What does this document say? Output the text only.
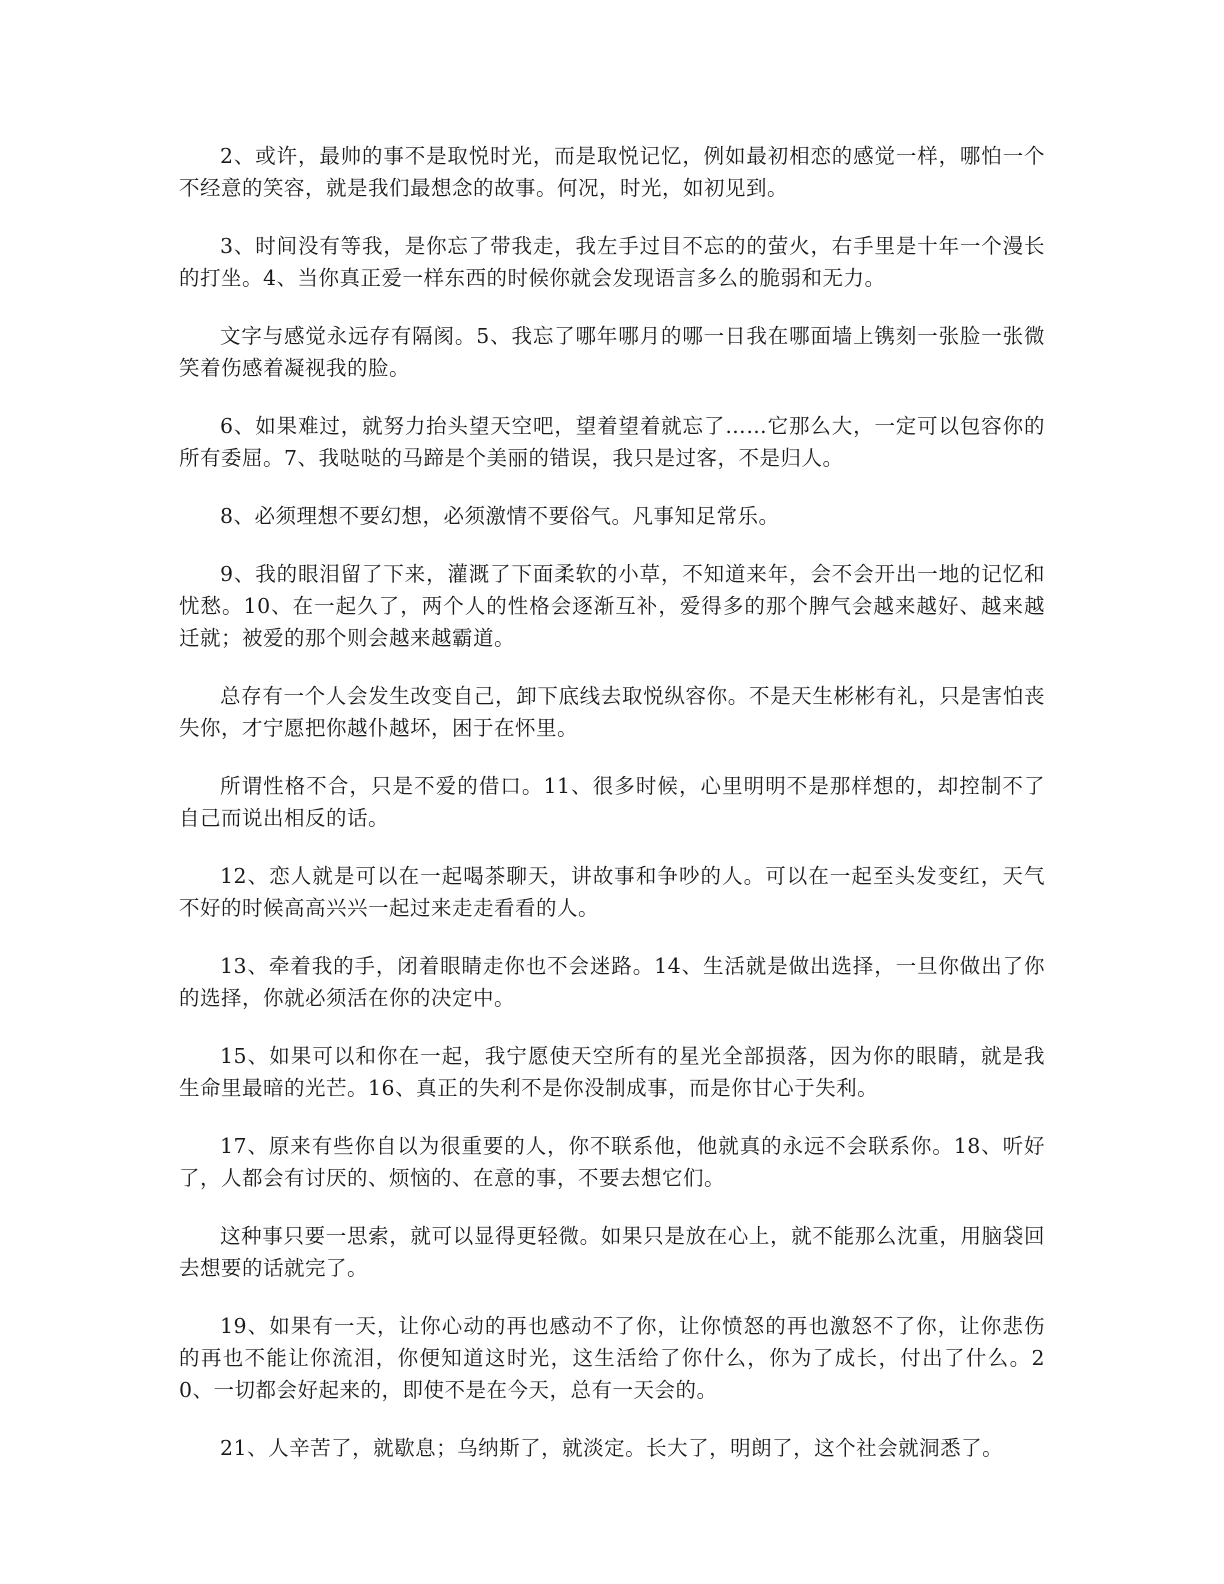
2、或许，最帅的事不是取悦时光，而是取悦记忆，例如最初相恋的感觉一样，哪怕一个不经意的笑容，就是我们最想念的故事。何况，时光，如初见到。

3、时间没有等我，是你忘了带我走，我左手过目不忘的的萤火，右手里是十年一个漫长的打坐。4、当你真正爱一样东西的时候你就会发现语言多么的脆弱和无力。

文字与感觉永远存有隔阂。5、我忘了哪年哪月的哪一日我在哪面墙上镌刻一张脸一张微笑着伤感着凝视我的脸。

6、如果难过，就努力抬头望天空吧，望着望着就忘了……它那么大，一定可以包容你的所有委屈。7、我哒哒的马蹄是个美丽的错误，我只是过客，不是归人。

8、必须理想不要幻想，必须激情不要俗气。凡事知足常乐。

9、我的眼泪留了下来，灌溉了下面柔软的小草，不知道来年，会不会开出一地的记忆和忧愁。10、在一起久了，两个人的性格会逐渐互补，爱得多的那个脾气会越来越好、越来越迁就；被爱的那个则会越来越霸道。

总存有一个人会发生改变自己，卸下底线去取悦纵容你。不是天生彬彬有礼，只是害怕丧失你，才宁愿把你越仆越坏，困于在怀里。

所谓性格不合，只是不爱的借口。11、很多时候，心里明明不是那样想的，却控制不了自己而说出相反的话。

12、恋人就是可以在一起喝茶聊天，讲故事和争吵的人。可以在一起至头发变红，天气不好的时候高高兴兴一起过来走走看看的人。

13、牵着我的手，闭着眼睛走你也不会迷路。14、生活就是做出选择，一旦你做出了你的选择，你就必须活在你的决定中。

15、如果可以和你在一起，我宁愿使天空所有的星光全部损落，因为你的眼睛，就是我生命里最暗的光芒。16、真正的失利不是你没制成事，而是你甘心于失利。

17、原来有些你自以为很重要的人，你不联系他，他就真的永远不会联系你。18、听好了，人都会有讨厌的、烦恼的、在意的事，不要去想它们。

这种事只要一思索，就可以显得更轻微。如果只是放在心上，就不能那么沈重，用脑袋回去想要的话就完了。

19、如果有一天，让你心动的再也感动不了你，让你愤怒的再也激怒不了你，让你悲伤的再也不能让你流泪，你便知道这时光，这生活给了你什么，你为了成长，付出了什么。20、一切都会好起来的，即使不是在今天，总有一天会的。

21、人辛苦了，就歇息；乌纳斯了，就淡定。长大了，明朗了，这个社会就洞悉了。
